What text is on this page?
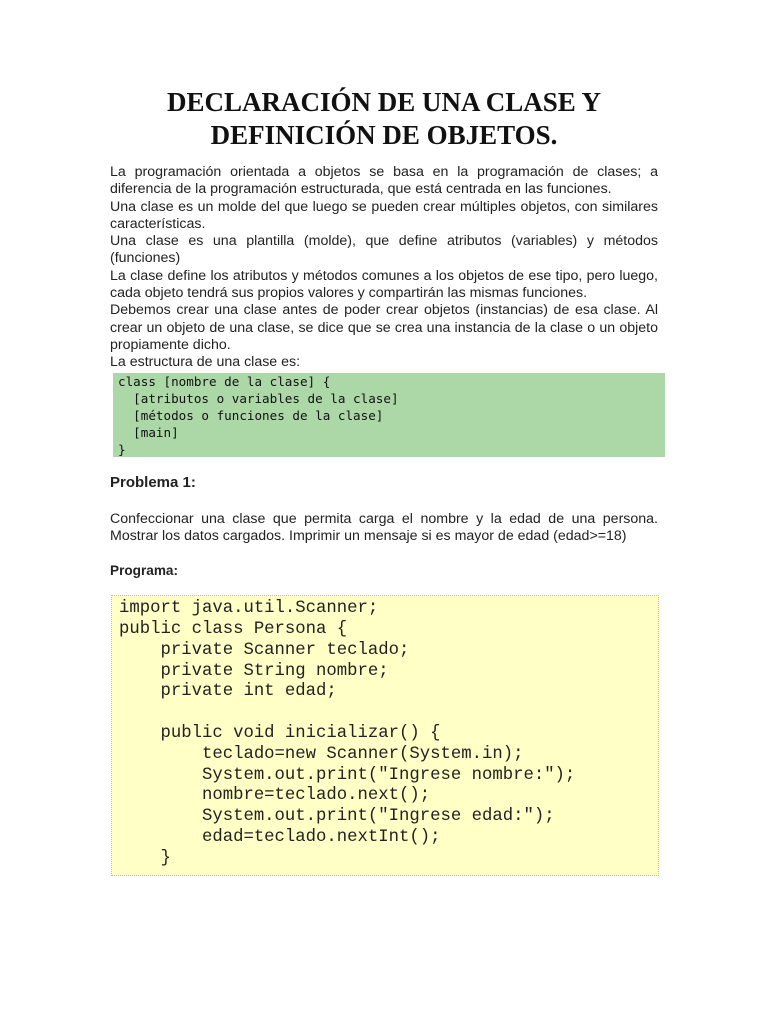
DECLARACIÓN DE UNA CLASE Y
DEFINICIÓN DE OBJETOS.

La programación orientada a objetos se basa en la programación de clases; a diferencia de la programación estructurada, que está centrada en las funciones.

Una clase es un molde del que luego se pueden crear múltiples objetos, con similares características.

Una clase es una plantilla (molde), que define atributos (variables) y métodos (funciones)

La clase define los atributos y métodos comunes a los objetos de ese tipo, pero luego, cada objeto tendrá sus propios valores y compartirán las mismas funciones.

Debemos crear una clase antes de poder crear objetos (instancias) de esa clase. Al crear un objeto de una clase, se dice que se crea una instancia de la clase o un objeto propiamente dicho.

La estructura de una clase es:

class [nombre de la clase] {
[atributos o variables de la clase]
[métodos o funciones de la clase]
[main]
}
Problema 1:

Confeccionar una clase que permita carga el nombre y la edad de una persona. Mostrar los datos cargados. Imprimir un mensaje si es mayor de edad (edad>=18)

Programa:
import java.util.Scanner;
public class Persona {
private Scanner teclado;
private String nombre;
private int edad;
public void inicializar() {
teclado=new Scanner(System.in);
System.out.print("Ingrese nombre:");
nombre=teclado.next();
System.out.print("Ingrese edad:");
edad=teclado.nextInt();
}
